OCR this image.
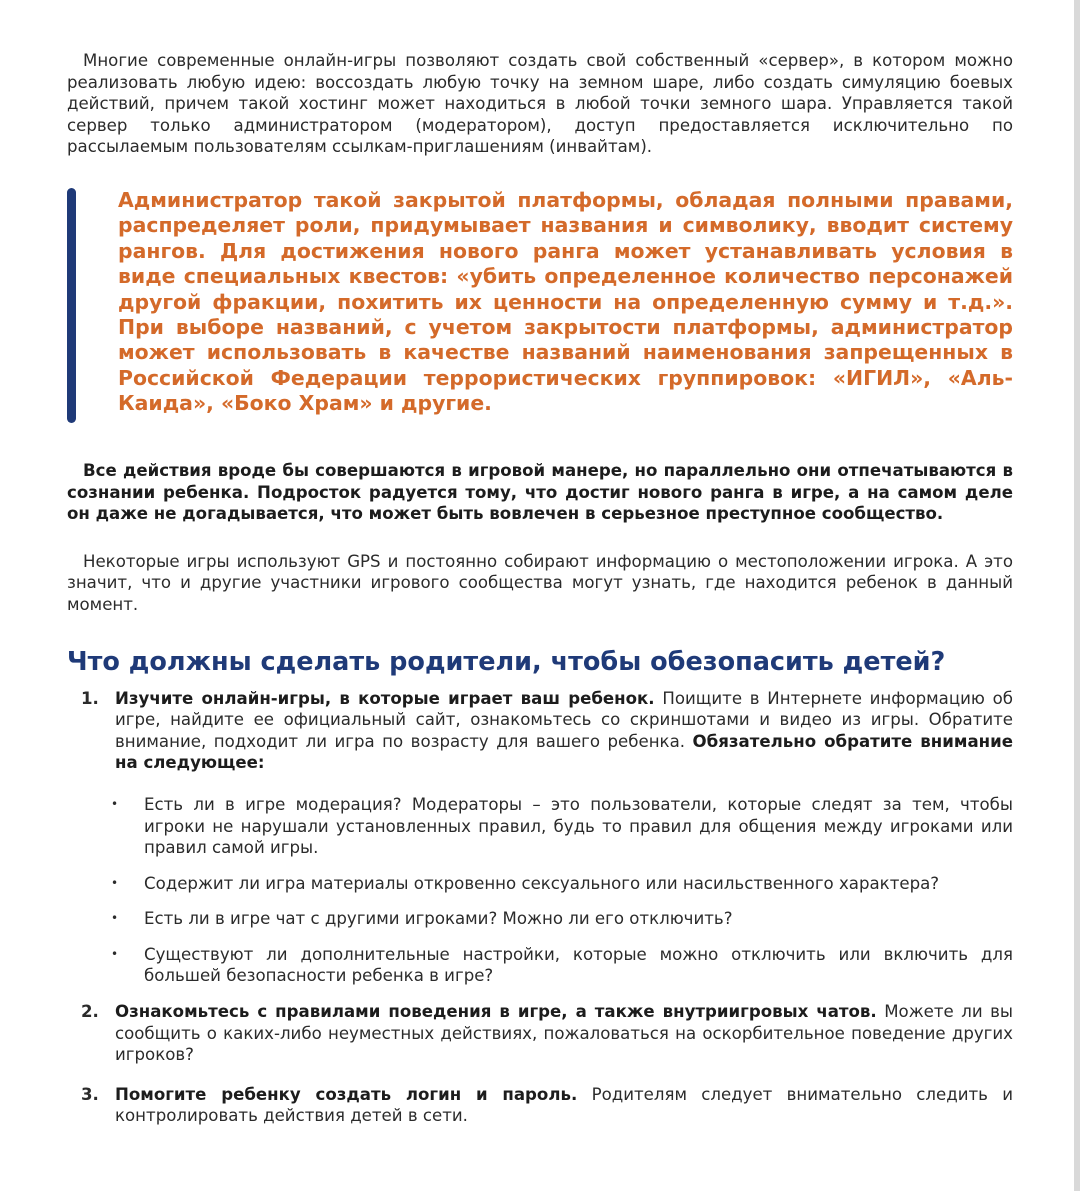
Многие современные онлайн-игры позволяют создать свой собственный «сервер», в котором можно реализовать любую идею: воссоздать любую точку на земном шаре, либо создать симуляцию боевых действий, причем такой хостинг может находиться в любой точки земного шара. Управляется такой сервер только администратором (модератором), доступ предоставляется исключительно по рассылаемым пользователям ссылкам-приглашениям (инвайтам).

Администратор такой закрытой платформы, обладая полными правами, распределяет роли, придумывает названия и символику, вводит систему рангов. Для достижения нового ранга может устанавливать условия в виде специальных квестов: «убить определенное количество персонажей другой фракции, похитить их ценности на определенную сумму и т.д.». При выборе названий, с учетом закрытости платформы, администратор может использовать в качестве названий наименования запрещенных в Российской Федерации террористических группировок: «ИГИЛ», «Аль-Каида», «Боко Храм» и другие.

Все действия вроде бы совершаются в игровой манере, но параллельно они отпечатываются в сознании ребенка. Подросток радуется тому, что достиг нового ранга в игре, а на самом деле он даже не догадывается, что может быть вовлечен в серьезное преступное сообщество.

Некоторые игры используют GPS и постоянно собирают информацию о местоположении игрока. А это значит, что и другие участники игрового сообщества могут узнать, где находится ребенок в данный момент.

Что должны сделать родители, чтобы обезопасить детей?
1. Изучите онлайн-игры, в которые играет ваш ребенок. Поищите в Интернете информацию об игре, найдите ее официальный сайт, ознакомьтесь со скриншотами и видео из игры. Обратите внимание, подходит ли игра по возрасту для вашего ребенка. Обязательно обратите внимание на следующее:
• Есть ли в игре модерация? Модераторы – это пользователи, которые следят за тем, чтобы игроки не нарушали установленных правил, будь то правил для общения между игроками или правил самой игры.
• Содержит ли игра материалы откровенно сексуального или насильственного характера?
• Есть ли в игре чат с другими игроками? Можно ли его отключить?
• Существуют ли дополнительные настройки, которые можно отключить или включить для большей безопасности ребенка в игре?
2. Ознакомьтесь с правилами поведения в игре, а также внутриигровых чатов. Можете ли вы сообщить о каких-либо неуместных действиях, пожаловаться на оскорбительное поведение других игроков?
3. Помогите ребенку создать логин и пароль. Родителям следует внимательно следить и контролировать действия детей в сети.
